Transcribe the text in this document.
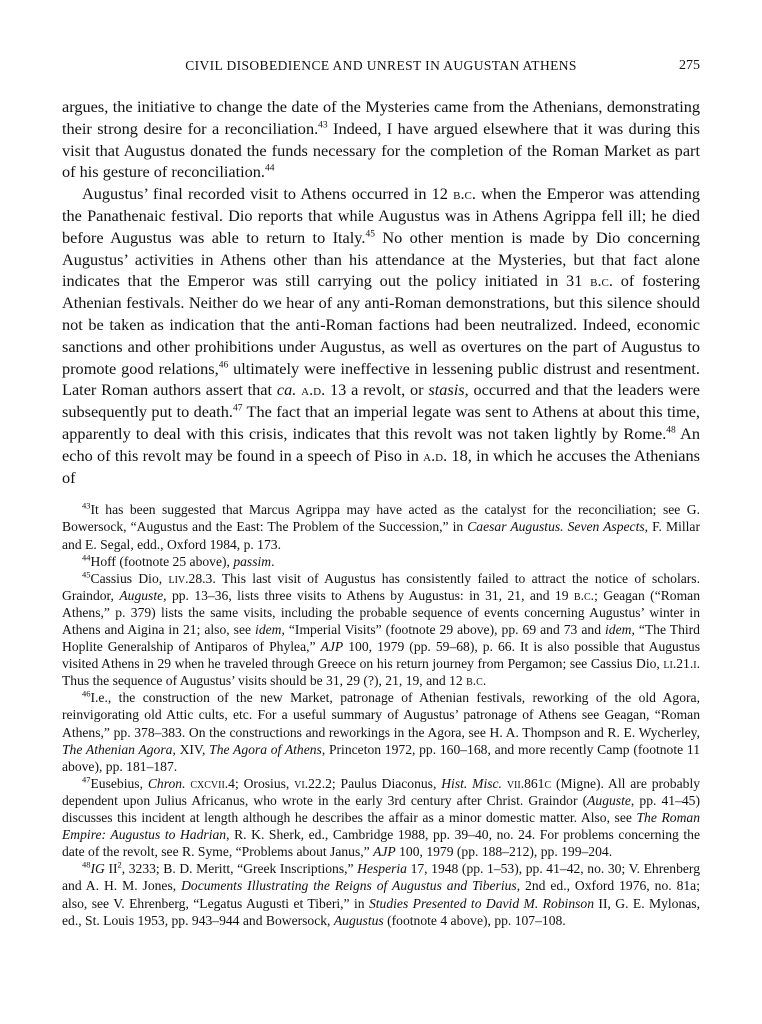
CIVIL DISOBEDIENCE AND UNREST IN AUGUSTAN ATHENS	275

argues, the initiative to change the date of the Mysteries came from the Athenians, demonstrating their strong desire for a reconciliation.$^{43}$ Indeed, I have argued elsewhere that it was during this visit that Augustus donated the funds necessary for the completion of the Roman Market as part of his gesture of reconciliation.$^{44}$

Augustus’ final recorded visit to Athens occurred in 12 b.c. when the Emperor was attending the Panathenaic festival. Dio reports that while Augustus was in Athens Agrippa fell ill; he died before Augustus was able to return to Italy.$^{45}$ No other mention is made by Dio concerning Augustus’ activities in Athens other than his attendance at the Mysteries, but that fact alone indicates that the Emperor was still carrying out the policy initiated in 31 b.c. of fostering Athenian festivals. Neither do we hear of any anti-Roman demonstrations, but this silence should not be taken as indication that the anti-Roman factions had been neutralized. Indeed, economic sanctions and other prohibitions under Augustus, as well as overtures on the part of Augustus to promote good relations,$^{46}$ ultimately were ineffective in lessening public distrust and resentment. Later Roman authors assert that ca. a.d. 13 a revolt, or stasis, occurred and that the leaders were subsequently put to death.$^{47}$ The fact that an imperial legate was sent to Athens at about this time, apparently to deal with this crisis, indicates that this revolt was not taken lightly by Rome.$^{48}$ An echo of this revolt may be found in a speech of Piso in a.d. 18, in which he accuses the Athenians of

$^{43}$It has been suggested that Marcus Agrippa may have acted as the catalyst for the reconciliation; see G. Bowersock, “Augustus and the East: The Problem of the Succession,” in Caesar Augustus. Seven Aspects, F. Millar and E. Segal, edd., Oxford 1984, p. 173.

$^{44}$Hoff (footnote 25 above), passim.

$^{45}$Cassius Dio, liv.28.3. This last visit of Augustus has consistently failed to attract the notice of scholars. Graindor, Auguste, pp. 13–36, lists three visits to Athens by Augustus: in 31, 21, and 19 b.c.; Geagan (“Roman Athens,” p. 379) lists the same visits, including the probable sequence of events concerning Augustus’ winter in Athens and Aigina in 21; also, see idem, “Imperial Visits” (footnote 29 above), pp. 69 and 73 and idem, “The Third Hoplite Generalship of Antiparos of Phylea,” AJP 100, 1979 (pp. 59–68), p. 66. It is also possible that Augustus visited Athens in 29 when he traveled through Greece on his return journey from Pergamon; see Cassius Dio, li.21.i. Thus the sequence of Augustus’ visits should be 31, 29 (?), 21, 19, and 12 b.c.

$^{46}$I.e., the construction of the new Market, patronage of Athenian festivals, reworking of the old Agora, reinvigorating old Attic cults, etc. For a useful summary of Augustus’ patronage of Athens see Geagan, “Roman Athens,” pp. 378–383. On the constructions and reworkings in the Agora, see H. A. Thompson and R. E. Wycherley, The Athenian Agora, XIV, The Agora of Athens, Princeton 1972, pp. 160–168, and more recently Camp (footnote 11 above), pp. 181–187.

$^{47}$Eusebius, Chron. cxcvii.4; Orosius, vi.22.2; Paulus Diaconus, Hist. Misc. vii.861c (Migne). All are probably dependent upon Julius Africanus, who wrote in the early 3rd century after Christ. Graindor (Auguste, pp. 41–45) discusses this incident at length although he describes the affair as a minor domestic matter. Also, see The Roman Empire: Augustus to Hadrian, R. K. Sherk, ed., Cambridge 1988, pp. 39–40, no. 24. For problems concerning the date of the revolt, see R. Syme, “Problems about Janus,” AJP 100, 1979 (pp. 188–212), pp. 199–204.

$^{48}$IG II$^2$, 3233; B. D. Meritt, “Greek Inscriptions,” Hesperia 17, 1948 (pp. 1–53), pp. 41–42, no. 30; V. Ehrenberg and A. H. M. Jones, Documents Illustrating the Reigns of Augustus and Tiberius, 2nd ed., Oxford 1976, no. 81a; also, see V. Ehrenberg, “Legatus Augusti et Tiberi,” in Studies Presented to David M. Robinson II, G. E. Mylonas, ed., St. Louis 1953, pp. 943–944 and Bowersock, Augustus (footnote 4 above), pp. 107–108.
